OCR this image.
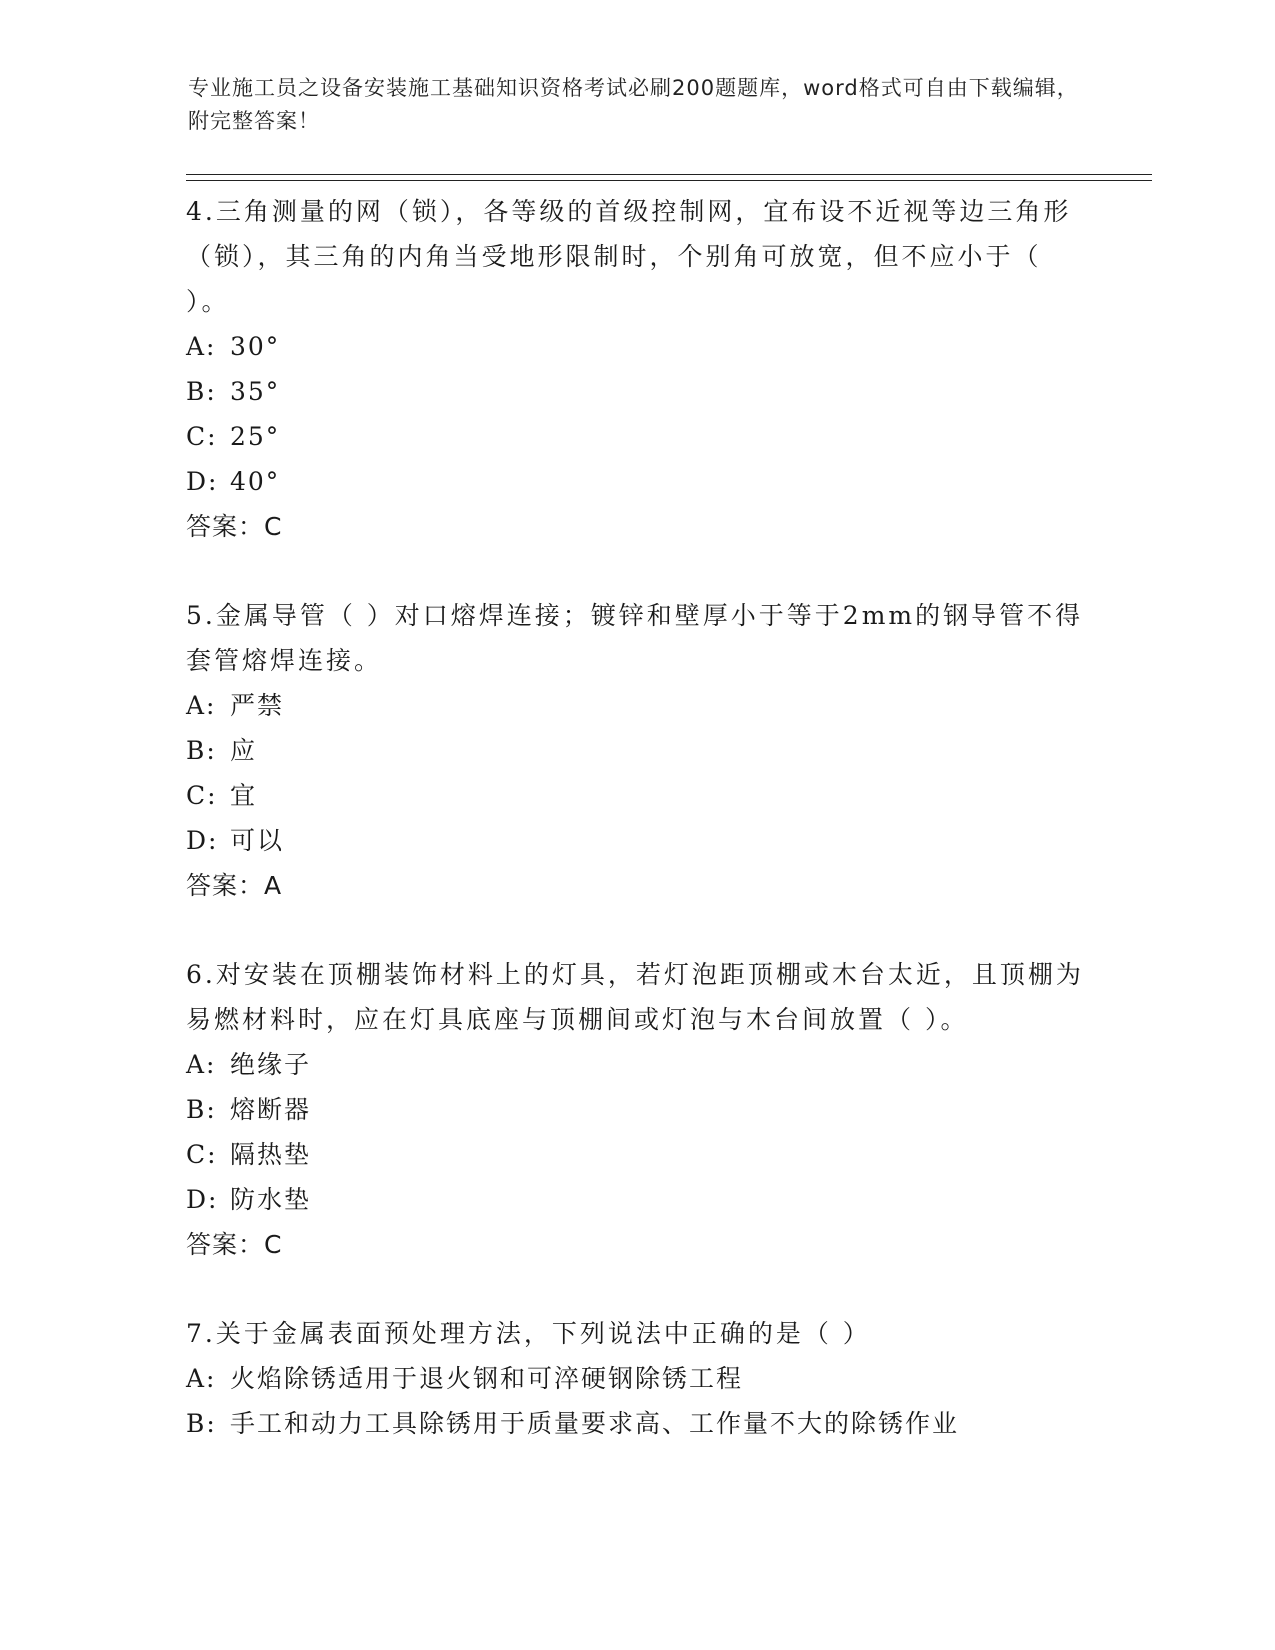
专业施工员之设备安装施工基础知识资格考试必刷200题题库，word格式可自由下载编辑，附完整答案！

4.三角测量的网（锁），各等级的首级控制网，宜布设不近视等边三角形（锁），其三角的内角当受地形限制时，个别角可放宽，但不应小于（ ）。

A: 30°

B: 35°

C: 25°

D: 40°

答案：C

5.金属导管（ ）对口熔焊连接；镀锌和壁厚小于等于2mm的钢导管不得套管熔焊连接。

A: 严禁

B: 应

C: 宜

D: 可以

答案：A

6.对安装在顶棚装饰材料上的灯具，若灯泡距顶棚或木台太近，且顶棚为易燃材料时，应在灯具底座与顶棚间或灯泡与木台间放置（ ）。

A: 绝缘子

B: 熔断器

C: 隔热垫

D: 防水垫

答案：C

7.关于金属表面预处理方法，下列说法中正确的是（ ）

A: 火焰除锈适用于退火钢和可淬硬钢除锈工程

B: 手工和动力工具除锈用于质量要求高、工作量不大的除锈作业
